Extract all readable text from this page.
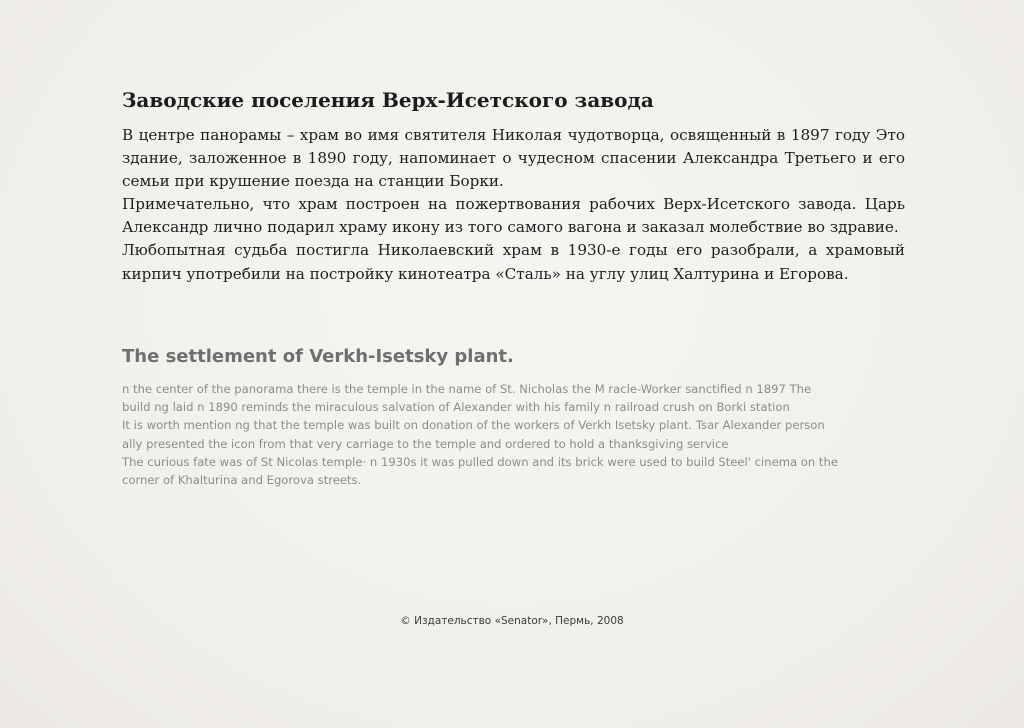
Заводские поселения Верх-Исетского завода

В центре панорамы – храм во имя святителя Николая чудотворца, освященный в 1897 году Это здание, заложенное в 1890 году, напоминает о чудесном спасении Александра Третьего и его семьи при крушение поезда на станции Борки.

Примечательно, что храм построен на пожертвования рабочих Верх-Исетского завода. Царь Александр лично подарил храму икону из того самого вагона и заказал молебствие во здравие.

Любопытная судьба постигла Николаевский храм в 1930-е годы его разобрали, а храмовый кирпич употребили на постройку кинотеатра «Сталь» на углу улиц Халтурина и Егорова.

The settlement of Verkh-Isetsky plant.

n the center of the panorama there is the temple in the name of St. Nicholas the M racle-Worker sanctified n 1897 The

build ng laid n 1890 reminds the miraculous salvation of Alexander with his family n railroad crush on Borki station

It is worth mention ng that the temple was built on donation of the workers of Verkh Isetsky plant. Tsar Alexander person

ally presented the icon from that very carriage to the temple and ordered to hold a thanksgiving service

The curious fate was of St Nicolas temple· n 1930s it was pulled down and its brick were used to build Steel' cinema on the

corner of Khalturina and Egorova streets.

© Издательство «Senator», Пермь, 2008
